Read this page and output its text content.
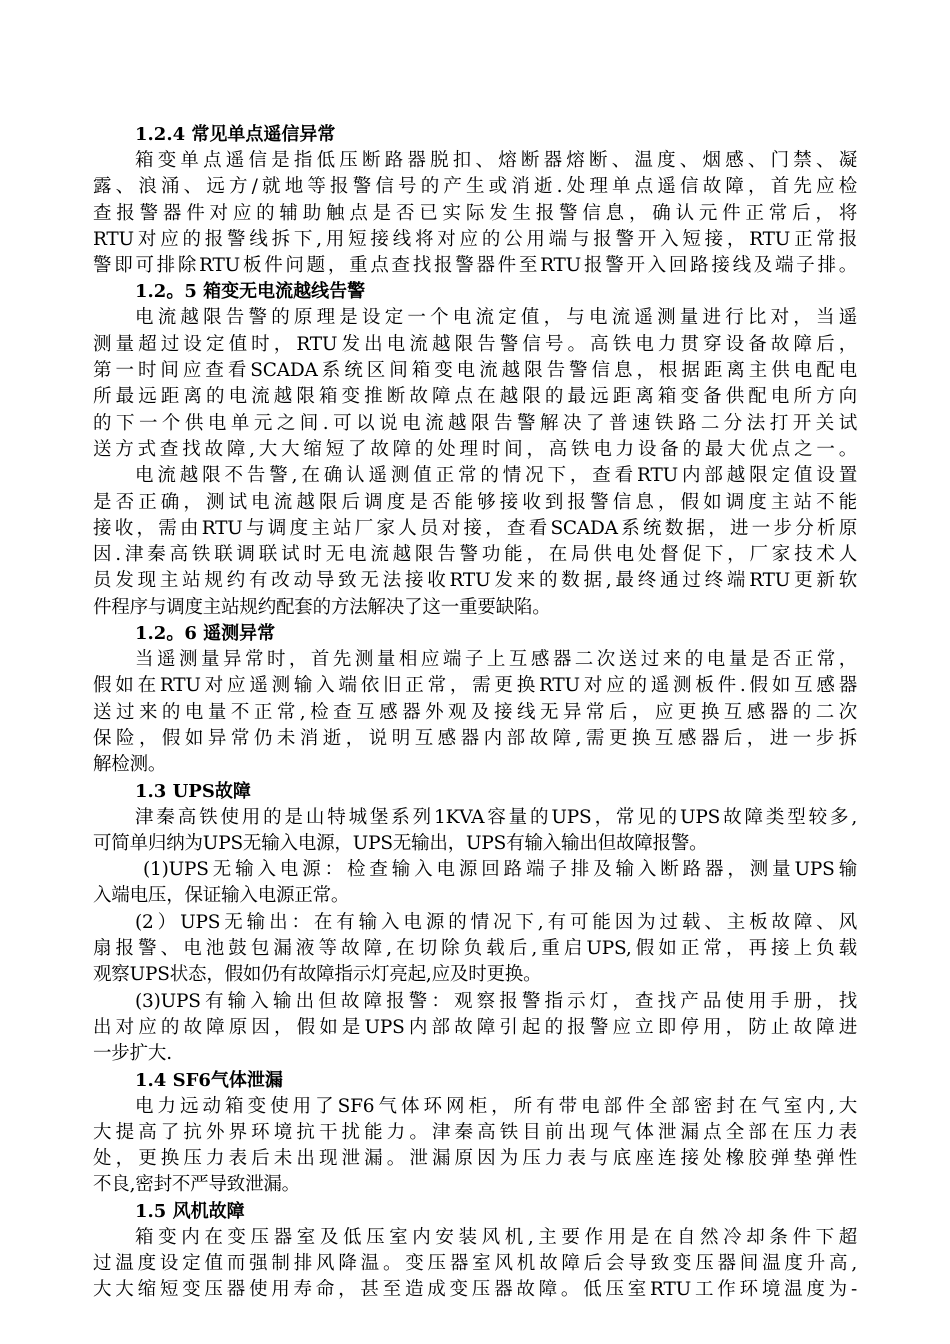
1.2.4 常见单点遥信异常
箱变单点遥信是指低压断路器脱扣、熔断器熔断、温度、烟感、门禁、凝
露、浪涌、远方/就地等报警信号的产生或消逝.处理单点遥信故障，首先应检
查报警器件对应的辅助触点是否已实际发生报警信息，确认元件正常后，将
RTU对应的报警线拆下,用短接线将对应的公用端与报警开入短接，RTU正常报
警即可排除RTU板件问题，重点查找报警器件至RTU报警开入回路接线及端子排。
1.2。5 箱变无电流越线告警
电流越限告警的原理是设定一个电流定值，与电流遥测量进行比对，当遥
测量超过设定值时，RTU发出电流越限告警信号。高铁电力贯穿设备故障后，
第一时间应查看SCADA系统区间箱变电流越限告警信息，根据距离主供电配电
所最远距离的电流越限箱变推断故障点在越限的最远距离箱变备供配电所方向
的下一个供电单元之间.可以说电流越限告警解决了普速铁路二分法打开关试
送方式查找故障,大大缩短了故障的处理时间，高铁电力设备的最大优点之一。
电流越限不告警,在确认遥测值正常的情况下，查看RTU内部越限定值设置
是否正确，测试电流越限后调度是否能够接收到报警信息，假如调度主站不能
接收，需由RTU与调度主站厂家人员对接，查看SCADA系统数据，进一步分析原
因.津秦高铁联调联试时无电流越限告警功能，在局供电处督促下，厂家技术人
员发现主站规约有改动导致无法接收RTU发来的数据,最终通过终端RTU更新软
件程序与调度主站规约配套的方法解决了这一重要缺陷。
1.2。6 遥测异常
当遥测量异常时，首先测量相应端子上互感器二次送过来的电量是否正常，
假如在RTU对应遥测输入端依旧正常，需更换RTU对应的遥测板件.假如互感器
送过来的电量不正常,检查互感器外观及接线无异常后，应更换互感器的二次
保险，假如异常仍未消逝，说明互感器内部故障,需更换互感器后，进一步拆
解检测。
1.3 UPS故障
津秦高铁使用的是山特城堡系列1KVA容量的UPS，常见的UPS故障类型较多,
可简单归纳为UPS无输入电源，UPS无输出，UPS有输入输出但故障报警。
(1)UPS无输入电源：检查输入电源回路端子排及输入断路器，测量UPS输
入端电压，保证输入电源正常。
(2）UPS无输出：在有输入电源的情况下,有可能因为过载、主板故障、风
扇报警、电池鼓包漏液等故障,在切除负载后,重启UPS,假如正常，再接上负载
观察UPS状态，假如仍有故障指示灯亮起,应及时更换。
(3)UPS有输入输出但故障报警：观察报警指示灯，查找产品使用手册，找
出对应的故障原因，假如是UPS内部故障引起的报警应立即停用，防止故障进
一步扩大.
1.4 SF6气体泄漏
电力远动箱变使用了SF6气体环网柜，所有带电部件全部密封在气室内,大
大提高了抗外界环境抗干扰能力。津秦高铁目前出现气体泄漏点全部在压力表
处，更换压力表后未出现泄漏。泄漏原因为压力表与底座连接处橡胶弹垫弹性
不良,密封不严导致泄漏。
1.5 风机故障
箱变内在变压器室及低压室内安装风机,主要作用是在自然冷却条件下超
过温度设定值而强制排风降温。变压器室风机故障后会导致变压器间温度升高,
大大缩短变压器使用寿命，甚至造成变压器故障。低压室RTU工作环境温度为-
